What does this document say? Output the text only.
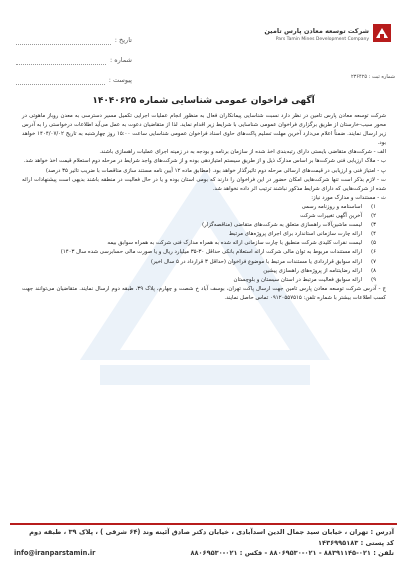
تاریخ :
شماره :
پیوست :
شرکت توسعه معادن پارس تامین
Pars Tamin Mines Development Company
شماره ثبت : ۲۳۶۴۲۵
آگهی فراخوان عمومی شناسایی شماره ۱۴۰۴۰۶۲۵

شرکت توسعه معادن پارس تامین در نظر دارد نسبت شناسایی پیمانکاران فعال به منظور انجام عملیات اجرایی تکمیل مسیر دسترسی به معدن روباز ماهوتی در محور سیب-خارستان از طریق برگزاری فراخوان عمومی شناسایی با شرایط زیر اقدام نماید. لذا از متقاضیان دعوت به عمل می‌آید اطلاعات درخواستی را به آدرس زیر ارسال نمایند. ضمناً اعلام می‌دارد آخرین مهلت تسلیم پاکت‌های حاوی اسناد فراخوان عمومی شناسایی ساعت ۱۵:۰۰ روز چهارشنبه به تاریخ ۱۴۰۴/۰۷/۰۲ خواهد بود.

الف - شرکت‌های متقاضی بایستی دارای رتبه‌بندی اخذ شده از سازمان برنامه و بودجه به در زمینه اجرای عملیات راهسازی باشند.

ب - ملاک ارزیابی فنی شرکت‌ها بر اساس مدارک ذیل و از طریق سیستم امتیازدهی بوده و از شرکت‌های واجد شرایط در مرحله دوم استعلام قیمت اخذ خواهد شد.

پ - امتیاز فنی و ارزیابی در قیمت‌های ارسالی مرحله دوم تاثیرگذار خواهد بود. (مطابق ماده ۱۲ آیین نامه مستند سازی مناقصات با ضریب تاثیر ۳۵ درصد)

ت - لازم بذکر است تنها شرکت‌هایی امکان حضور در این فراخوان را دارند که بومی استان بوده و یا در حال فعالیت در منطقه باشند بدیهی است پیشنهادات ارائه شده از شرکت‌هایی که دارای شرایط مذکور نباشند ترتیب اثر داده نخواهد شد.

ث - مستندات و مدارک مورد نیاز:

۱)
اساسنامه و روزنامه رسمی
۲)
آخرین آگهی تغییرات شرکت
۳)
لیست ماشین‌آلات راهسازی متعلق به شرکت‌های متقاضی (مناقصه‌گزار)
۴)
ارائه چارت سازمانی استاندارد برای اجرای پروژه‌های مرتبط
۵)
لیست نفرات کلیدی شرکت منطبق با چارت سازمانی ارائه شده به همراه مدارک فنی شرکت به همراه سوابق بیمه
۶)
ارائه مستندات مربوط به توان مالی شرکت ارائه استعلام بانکی حداقل ۳۰-۳۵ میلیارد ریال و یا صورت مالی حسابرسی شده سال ۱۴۰۳)
۷)
ارائه سوابق قراردادی یا مستندات مرتبط با موضوع فراخوان (حداقل ۳ قرارداد در ۵ سال اخیر)
۸)
ارائه رضایتنامه از پروژه‌های راهسازی پیشین
۹)
ارائه سوابق فعالیت مرتبط در استان سیستان و بلوچستان

ج - آدرس شرکت توسعه معادن پارس تامین جهت ارسال پاکت تهران، بوسف آباد خ شصت و چهارم، پلاک ۳۹، طبقه دوم ارسال نمایند. متقاضیان می‌توانند جهت کسب اطلاعات بیشتر با شماره تلفن: ۰۹۱۲۰۵۵۷۵۱۵ تماس حاصل نمایند.

آدرس : تهران ، خیابان سید جمال الدین اسدآبادی ، خیابان دکتر صادق آئینه وند (۶۴ شرقی ) ، پلاک ۳۹ ، طبقه دوم
کد پستی : ۱۴۳۶۹۹۵۱۸۳
تلفن : ۰۲۱-۸۸۳۹۱۱۴۵ - ۰۲۱-۸۸۰۶۹۵۳۰ - فکس : ۰۲۱-۸۸۰۶۹۵۳۰
info@iranparstamin.ir
